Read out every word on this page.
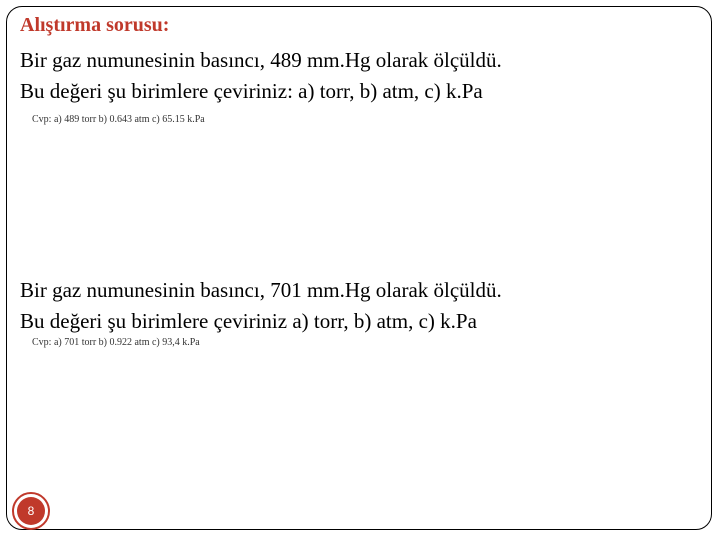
Alıştırma sorusu:

Bir gaz numunesinin basıncı, 489 mm.Hg olarak ölçüldü.

Bu değeri şu birimlere çeviriniz: a) torr, b) atm, c) k.Pa

Cvp: a) 489 torr b) 0.643 atm c) 65.15 k.Pa

Bir gaz numunesinin basıncı, 701 mm.Hg olarak ölçüldü.

Bu değeri şu birimlere çeviriniz a) torr, b) atm, c) k.Pa

Cvp: a) 701 torr b) 0.922 atm c) 93,4 k.Pa

8
